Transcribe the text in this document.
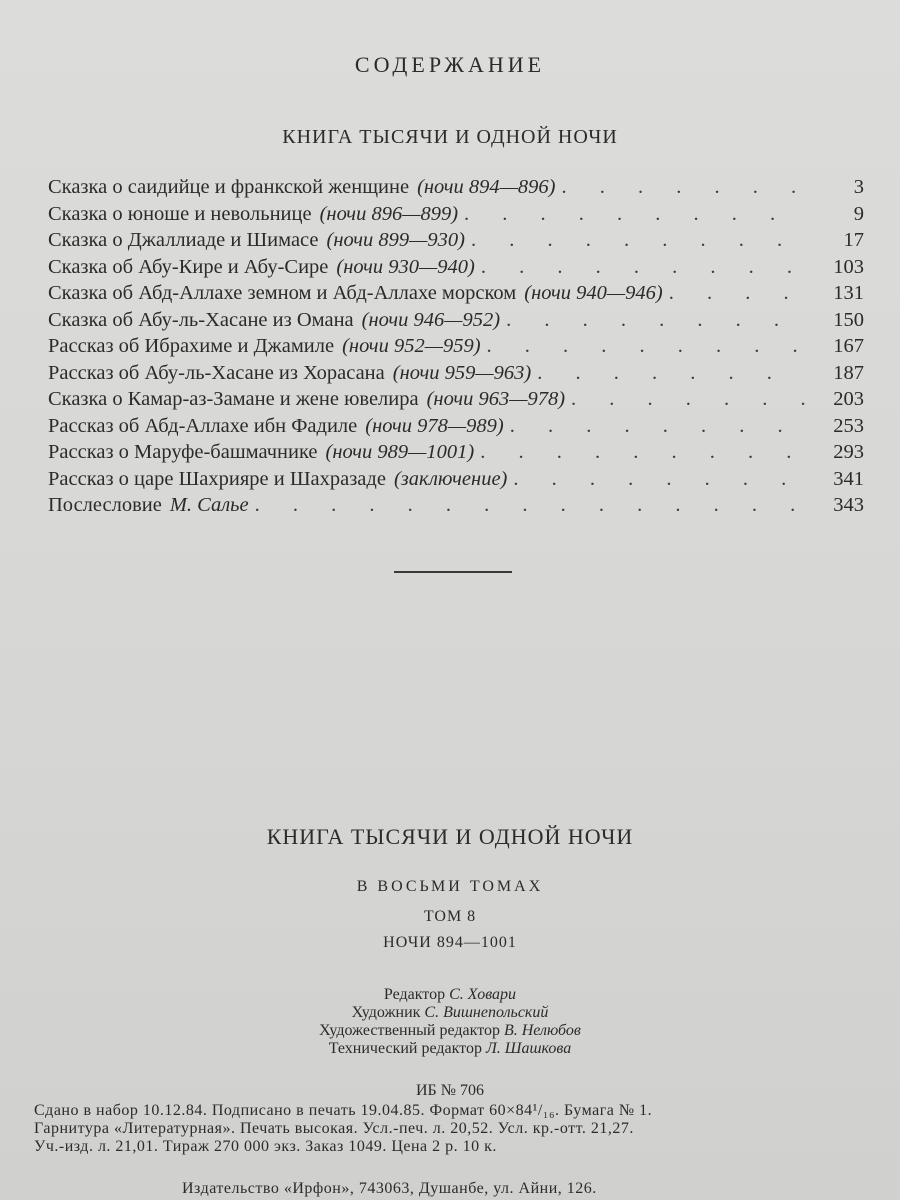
СОДЕРЖАНИЕ
КНИГА ТЫСЯЧИ И ОДНОЙ НОЧИ
Сказка о саидийце и франкской женщине (ночи 894—896) . . .	3
Сказка о юноше и невольнице (ночи 896—899) . . .	9
Сказка о Джаллиаде и Шимасе (ночи 899—930) . . .	17
Сказка об Абу-Кире и Абу-Сире (ночи 930—940) . . .	103
Сказка об Абд-Аллахе земном и Абд-Аллахе морском (ночи 940—946) . . .	131
Сказка об Абу-ль-Хасане из Омана (ночи 946—952) . . .	150
Рассказ об Ибрахиме и Джамиле (ночи 952—959) . . .	167
Рассказ об Абу-ль-Хасане из Хорасана (ночи 959—963) . . .	187
Сказка о Камар-аз-Замане и жене ювелира (ночи 963—978) . . .	203
Рассказ об Абд-Аллахе ибн Фадиле (ночи 978—989) . . .	253
Рассказ о Маруфе-башмачнике (ночи 989—1001) . . .	293
Рассказ о царе Шахрияре и Шахразаде (заключение) . . .	341
Послесловие М. Салье . . .	343
КНИГА ТЫСЯЧИ И ОДНОЙ НОЧИ
В ВОСЬМИ ТОМАХ
ТОМ 8
НОЧИ 894—1001
Редактор С. Ховари
Художник С. Вишнепольский
Художественный редактор В. Нелюбов
Технический редактор Л. Шашкова
ИБ № 706
Сдано в набор 10.12.84. Подписано в печать 19.04.85. Формат 60×84¹/₁₆. Бумага № 1.
Гарнитура «Литературная». Печать высокая. Усл.-печ. л. 20,52. Усл. кр.-отт. 21,27.
Уч.-изд. л. 21,01. Тираж 270 000 экз. Заказ 1049. Цена 2 р. 10 к.
Издательство «Ирфон», 743063, Душанбе, ул. Айни, 126.
